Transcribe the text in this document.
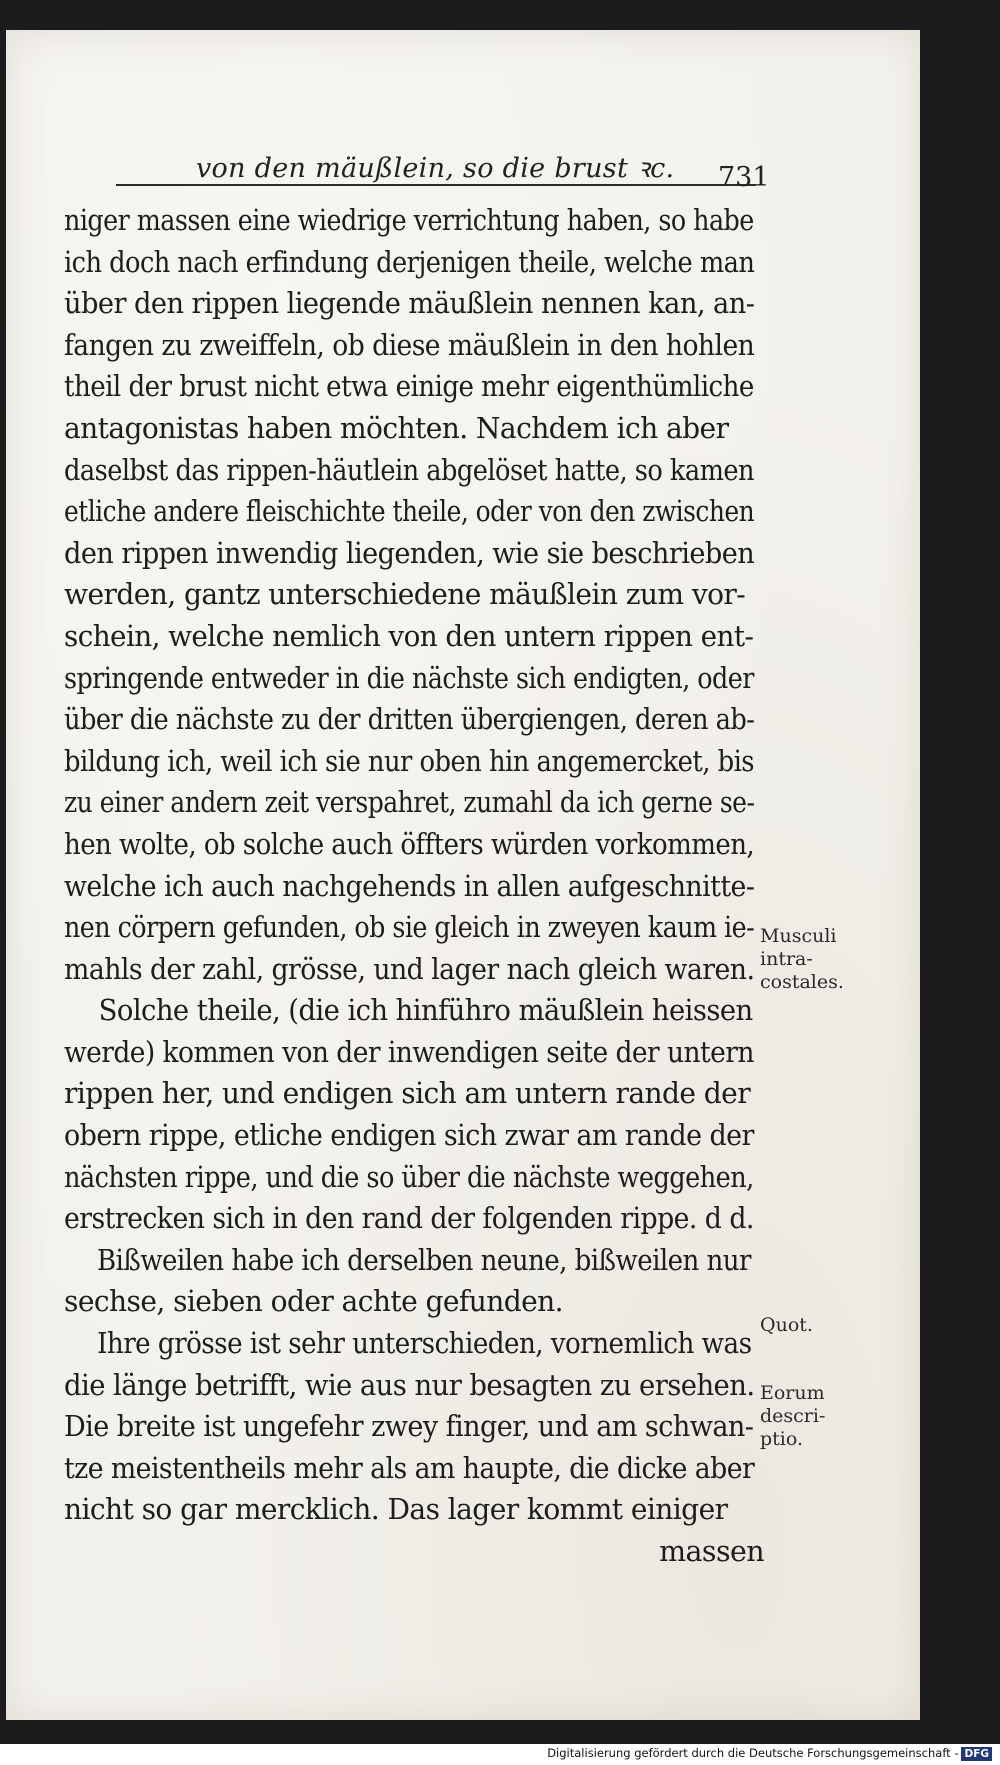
von den mäußlein, so die brust ꝛc. 731
niger massen eine wiedrige verrichtung haben, so habe
ich doch nach erfindung derjenigen theile, welche man
über den rippen liegende mäußlein nennen kan, an-
fangen zu zweiffeln, ob diese mäußlein in den hohlen
theil der brust nicht etwa einige mehr eigenthümliche
antagonistas haben möchten. Nachdem ich aber
daselbst das rippen-häutlein abgelöset hatte, so kamen
etliche andere fleischichte theile, oder von den zwischen
den rippen inwendig liegenden, wie sie beschrieben
werden, gantz unterschiedene mäußlein zum vor-
schein, welche nemlich von den untern rippen ent-
springende entweder in die nächste sich endigten, oder
über die nächste zu der dritten übergiengen, deren ab-
bildung ich, weil ich sie nur oben hin angemercket, bis
zu einer andern zeit verspahret, zumahl da ich gerne se-
hen wolte, ob solche auch öffters würden vorkommen,
welche ich auch nachgehends in allen aufgeschnitte-
nen cörpern gefunden, ob sie gleich in zweyen kaum ie-
mahls der zahl, grösse, und lager nach gleich waren.
Solche theile, (die ich hinführo mäußlein heissen
werde) kommen von der inwendigen seite der untern
rippen her, und endigen sich am untern rande der
obern rippe, etliche endigen sich zwar am rande der
nächsten rippe, und die so über die nächste weggehen,
erstrecken sich in den rand der folgenden rippe. d d.
Bißweilen habe ich derselben neune, bißweilen nur
sechse, sieben oder achte gefunden.
Ihre grösse ist sehr unterschieden, vornemlich was
die länge betrifft, wie aus nur besagten zu ersehen.
Die breite ist ungefehr zwey finger, und am schwan-
tze meistentheils mehr als am haupte, die dicke aber
nicht so gar mercklich. Das lager kommt einiger
massen
Musculi
intra-
costales.
Quot.
Eorum
descri-
ptio.
Digitalisierung gefördert durch die Deutsche Forschungsgemeinschaft - DFG
